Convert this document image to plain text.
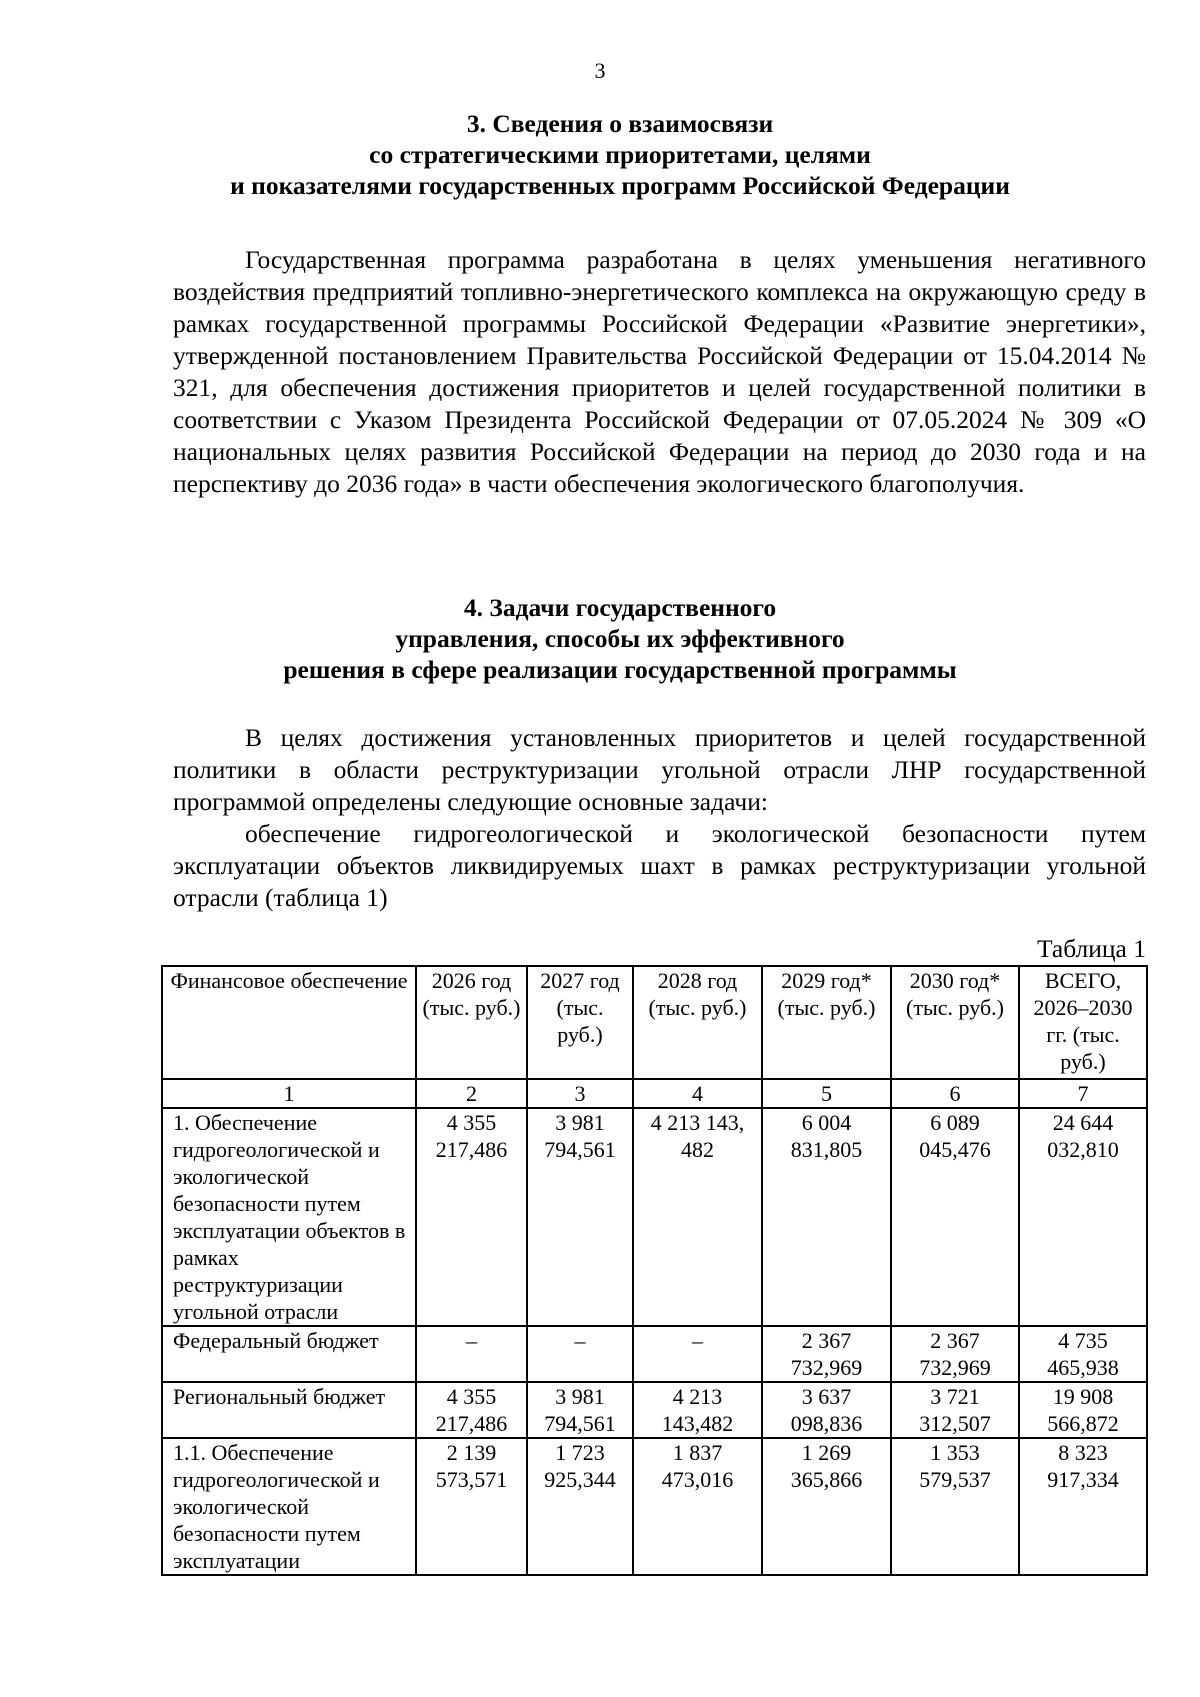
3
3. Сведения о взаимосвязи
со стратегическими приоритетами, целями
и показателями государственных программ Российской Федерации

Государственная программа разработана в целях уменьшения негативного воздействия предприятий топливно-энергетического комплекса на окружающую среду в рамках государственной программы Российской Федерации «Развитие энергетики», утвержденной постановлением Правительства Российской Федерации от 15.04.2014 № 321, для обеспечения достижения приоритетов и целей государственной политики в соответствии с Указом Президента Российской Федерации от 07.05.2024 № 309 «О национальных целях развития Российской Федерации на период до 2030 года и на перспективу до 2036 года» в части обеспечения экологического благополучия.

4. Задачи государственного
управления, способы их эффективного
решения в сфере реализации государственной программы

В целях достижения установленных приоритетов и целей государственной политики в области реструктуризации угольной отрасли ЛНР государственной программой определены следующие основные задачи:

обеспечение гидрогеологической и экологической безопасности путем эксплуатации объектов ликвидируемых шахт в рамках реструктуризации угольной отрасли (таблица 1)

Таблица 1
Финансовое обеспечение	2026 год (тыс. руб.)	2027 год (тыс. руб.)	2028 год (тыс. руб.)	2029 год* (тыс. руб.)	2030 год* (тыс. руб.)	ВСЕГО, 2026–2030 гг. (тыс. руб.)
1	2	3	4	5	6	7
1. Обеспечение гидрогеологической и экологической безопасности путем эксплуатации объектов в рамках реструктуризации угольной отрасли	4 355 217,486	3 981 794,561	4 213 143, 482	6 004 831,805	6 089 045,476	24 644 032,810
Федеральный бюджет	–	–	–	2 367 732,969	2 367 732,969	4 735 465,938
Региональный бюджет	4 355 217,486	3 981 794,561	4 213 143,482	3 637 098,836	3 721 312,507	19 908 566,872
1.1. Обеспечение гидрогеологической и экологической безопасности путем эксплуатации	2 139 573,571	1 723 925,344	1 837 473,016	1 269 365,866	1 353 579,537	8 323 917,334
